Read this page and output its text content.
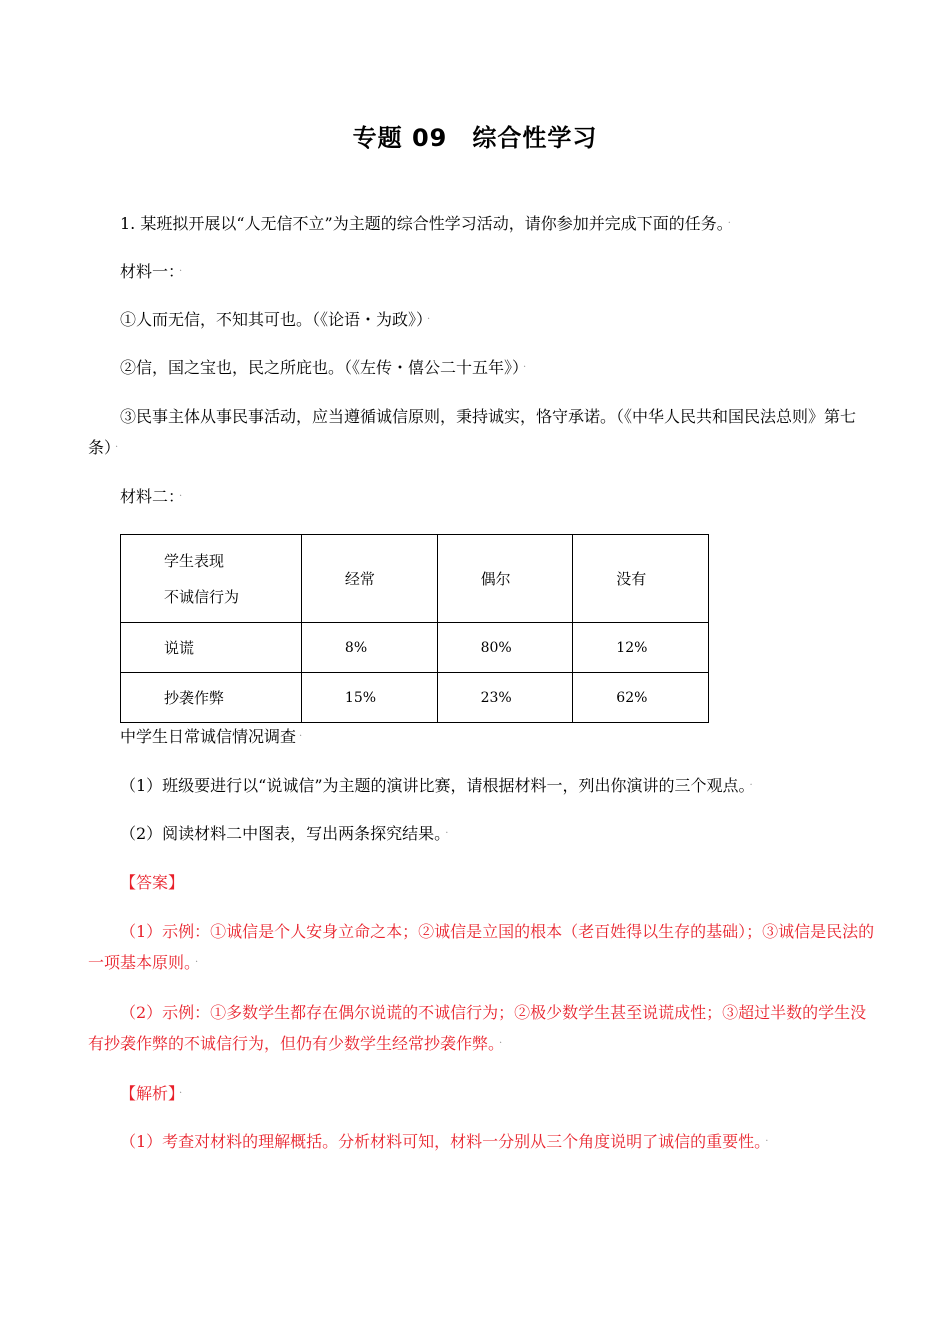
专题 09　综合性学习
1. 某班拟开展以“人无信不立”为主题的综合性学习活动，请你参加并完成下面的任务。 ·
材料一： ·
①人而无信，不知其可也。（《论语・为政》） ·
②信，国之宝也，民之所庇也。（《左传・僖公二十五年》） ·
③民事主体从事民事活动，应当遵循诚信原则，秉持诚实，恪守承诺。（《中华人民共和国民法总则》第七条） ·
材料二： ·
学生表现
不诚信行为	经常	偶尔	没有
说谎	8%	80%	12%
抄袭作弊	15%	23%	62%
中学生日常诚信情况调查 ·
（1）班级要进行以“说诚信”为主题的演讲比赛，请根据材料一，列出你演讲的三个观点。 ·
（2）阅读材料二中图表，写出两条探究结果。 ·
【答案】
（1）示例：①诚信是个人安身立命之本；②诚信是立国的根本（老百姓得以生存的基础）；③诚信是民法的一项基本原则。 ·
（2）示例：①多数学生都存在偶尔说谎的不诚信行为；②极少数学生甚至说谎成性；③超过半数的学生没有抄袭作弊的不诚信行为，但仍有少数学生经常抄袭作弊。 ·
【解析】 ·
（1）考查对材料的理解概括。分析材料可知，材料一分别从三个角度说明了诚信的重要性。 ·
